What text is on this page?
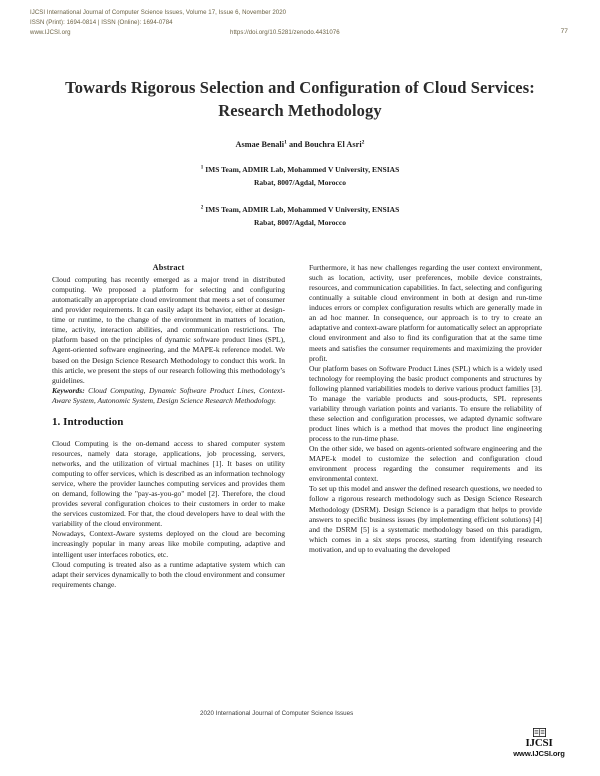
IJCSI International Journal of Computer Science Issues, Volume 17, Issue 6, November 2020
ISSN (Print): 1694-0814 | ISSN (Online): 1694-0784
www.IJCSI.org	https://doi.org/10.5281/zenodo.4431076	77
Towards Rigorous Selection and Configuration of Cloud Services:
Research Methodology
Asmae Benali$^1$ and Bouchra El Asri$^2$
$^1$ IMS Team, ADMIR Lab, Mohammed V University, ENSIAS
Rabat, 8007/Agdal, Morocco
$^2$ IMS Team, ADMIR Lab, Mohammed V University, ENSIAS
Rabat, 8007/Agdal, Morocco
Abstract

Cloud computing has recently emerged as a major trend in distributed computing. We proposed a platform for selecting and configuring automatically an appropriate cloud environment that meets a set of consumer and provider requirements. It can easily adapt its behavior, either at design-time or runtime, to the change of the environment in matters of location, time, activity, interaction abilities, and communication restrictions. The platform based on the principles of dynamic software product lines (SPL), Agent-oriented software engineering, and the MAPE-k reference model. We based on the Design Science Research Methodology to conduct this work. In this article, we present the steps of our research following this methodology’s guidelines.

Keywords: Cloud Computing, Dynamic Software Product Lines, Context-Aware System, Autonomic System, Design Science Research Methodology.

1. Introduction

Cloud Computing is the on-demand access to shared computer system resources, namely data storage, applications, job processing, servers, networks, and the utilization of virtual machines [1]. It bases on utility computing to offer services, which is described as an information technology service, where the provider launches computing services and provides them on demand, following the "pay-as-you-go" model [2]. Therefore, the cloud provides several configuration choices to their customers in order to make the services customized. For that, the cloud developers have to deal with the variability of the cloud environment.

Nowadays, Context-Aware systems deployed on the cloud are becoming increasingly popular in many areas like mobile computing, adaptive and intelligent user interfaces robotics, etc.

Cloud computing is treated also as a runtime adaptative system which can adapt their services dynamically to both the cloud environment and consumer requirements change.

Furthermore, it has new challenges regarding the user context environment, such as location, activity, user preferences, mobile device constraints, resources, and communication capabilities. In fact, selecting and configuring continually a suitable cloud environment in both at design and run-time induces errors or complex configuration results which are generally made in an ad hoc manner. In consequence, our approach is to try to create an adaptative and context-aware platform for automatically select an appropriate cloud environment and also to find its configuration that at the same time meets and satisfies the consumer requirements and maximizing the provider profit.

Our platform bases on Software Product Lines (SPL) which is a widely used technology for reemploying the basic product components and structures by following planned variabilities models to derive various product families [3]. To manage the variable products and sous-products, SPL represents variability through variation points and variants. To ensure the reliability of these selection and configuration processes, we adapted dynamic software product lines which is a method that moves the product line engineering process to the run-time phase.

On the other side, we based on agents-oriented software engineering and the MAPE-k model to customize the selection and configuration cloud environment process regarding the consumer requirements and its environmental context.

To set up this model and answer the defined research questions, we needed to follow a rigorous research methodology such as Design Science Research Methodology (DSRM). Design Science is a paradigm that helps to provide answers to specific business issues (by implementing efficient solutions) [4] and the DSRM [5] is a systematic methodology based on this paradigm, which comes in a six steps process, starting from identifying research motivation, and up to evaluating the developed

2020 International Journal of Computer Science Issues
IJCSI
www.IJCSI.org
